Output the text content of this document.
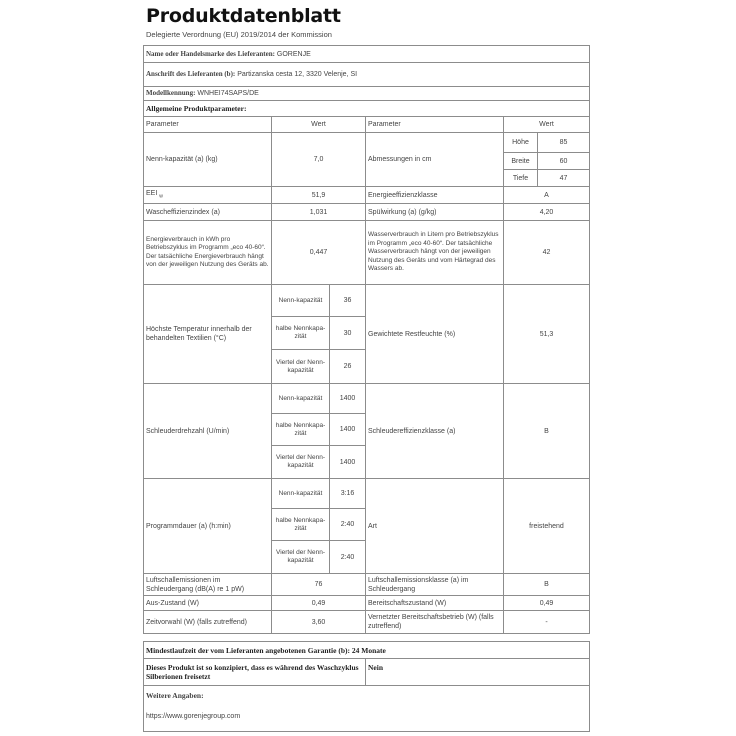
Produktdatenblatt
Delegierte Verordnung (EU) 2019/2014 der Kommission
Name oder Handelsmarke des Lieferanten: GORENJE
Anschrift des Lieferanten (b): Partizanska cesta 12, 3320 Velenje, SI
Modellkennung: WNHEI74SAPS/DE
Allgemeine Produktparameter:
Parameter	Wert		Parameter	Wert	
Nenn-kapazität (a) (kg)	7,0		Abmessungen in cm	Höhe	85
				Breite	60
				Tiefe	47
EEI $_w$	51,9		Energieeffizienzklasse	A	
Wascheffizienzindex (a)	1,031		Spülwirkung (a) (g/kg)	4,20	
Energieverbrauch in kWh pro Betriebszyklus im Programm „eco 40-60“. Der tatsächliche Energieverbrauch hängt von der jeweiligen Nutzung des Geräts ab.	0,447		Wasserverbrauch in Litern pro Betriebszyklus im Programm „eco 40-60“. Der tatsächliche Wasserverbrauch hängt von der jeweiligen Nutzung des Geräts und vom Härtegrad des Wassers ab.	42	
Höchste Temperatur innerhalb der behandelten Textilien (°C)	Nenn-kapazität	36	Gewichtete Restfeuchte (%)	51,3	
	halbe Nennkapa-zität	30			
	Viertel der Nenn-kapazität	26			
Schleuderdrehzahl (U/min)	Nenn-kapazität	1400	Schleudereffizienzklasse (a)	B	
	halbe Nennkapa-zität	1400			
	Viertel der Nenn-kapazität	1400			
Programmdauer (a) (h:min)	Nenn-kapazität	3:16	Art	freistehend	
	halbe Nennkapa-zität	2:40			
	Viertel der Nenn-kapazität	2:40			
Luftschallemissionen im Schleudergang (dB(A) re 1 pW)	76		Luftschallemissionsklasse (a) im Schleudergang	B	
Aus-Zustand (W)	0,49		Bereitschaftszustand (W)	0,49	
Zeitvorwahl (W) (falls zutreffend)	3,60		Vernetzter Bereitschaftsbetrieb (W) (falls zutreffend)	-	
Mindestlaufzeit der vom Lieferanten angebotenen Garantie (b): 24 Monate
Dieses Produkt ist so konzipiert, dass es während des Waschzyklus Silberionen freisetzt	Nein

Weitere Angaben:
https://www.gorenjegroup.com
